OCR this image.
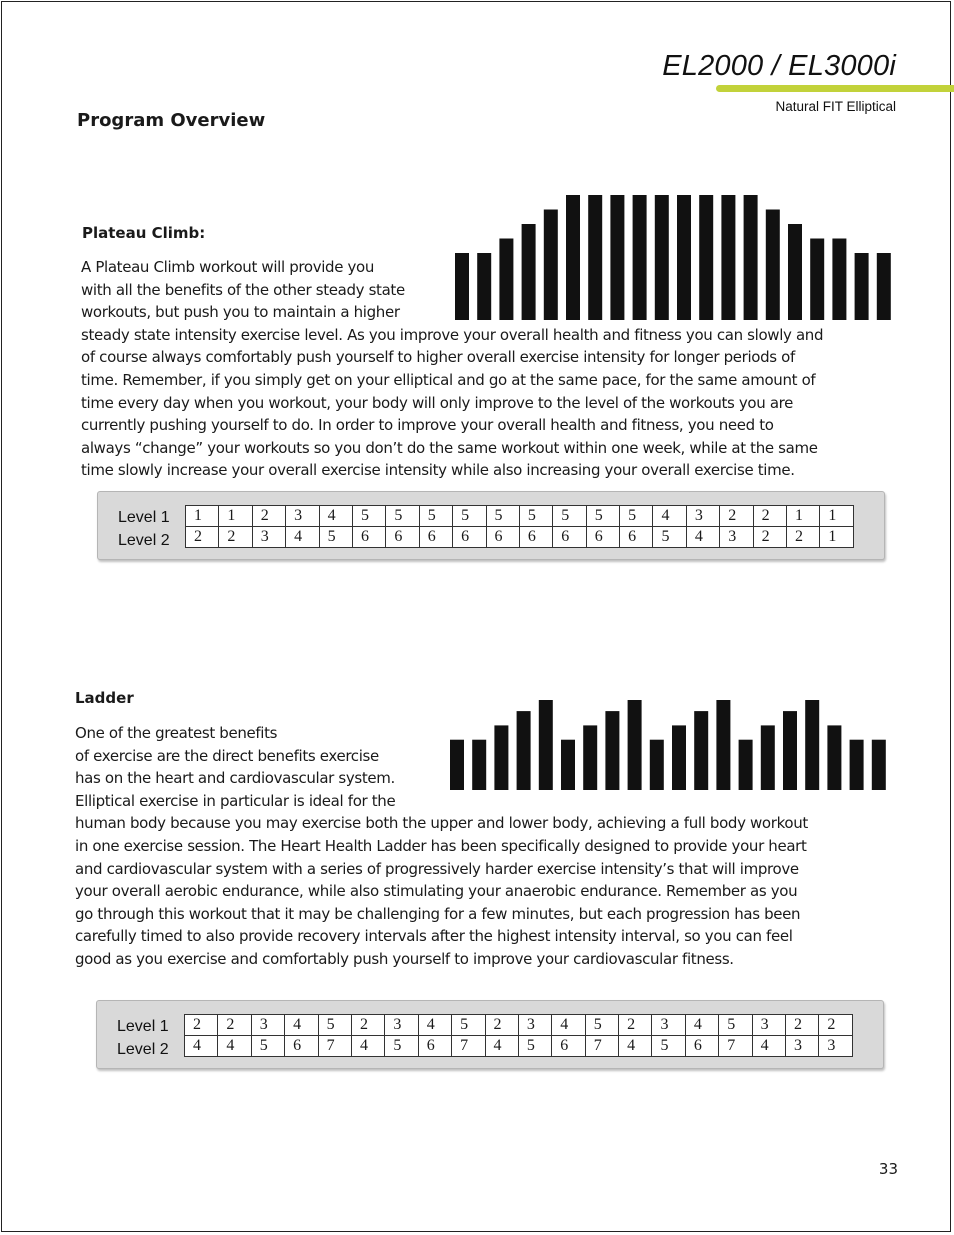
EL2000 / EL3000i
Natural FIT Elliptical
Program Overview
Plateau Climb:

A Plateau Climb workout will provide you

with all the benefits of the other steady state

workouts, but push you to maintain a higher

steady state intensity exercise level. As you improve your overall health and fitness you can slowly and

of course always comfortably push yourself to higher overall exercise intensity for longer periods of

time. Remember, if you simply get on your elliptical and go at the same pace, for the same amount of

time every day when you workout, your body will only improve to the level of the workouts you are

currently pushing yourself to do. In order to improve your overall health and fitness, you need to

always “change” your workouts so you don’t do the same workout within one week, while at the same

time slowly increase your overall exercise intensity while also increasing your overall exercise time.

Level 1
Level 2
1	1	2	3	4	5	5	5	5	5	5	5	5	5	4	3	2	2	1	1
2	2	3	4	5	6	6	6	6	6	6	6	6	6	5	4	3	2	2	1
Ladder

One of the greatest benefits

of exercise are the direct benefits exercise

has on the heart and cardiovascular system.

Elliptical exercise in particular is ideal for the

human body because you may exercise both the upper and lower body, achieving a full body workout

in one exercise session. The Heart Health Ladder has been specifically designed to provide your heart

and cardiovascular system with a series of progressively harder exercise intensity’s that will improve

your overall aerobic endurance, while also stimulating your anaerobic endurance. Remember as you

go through this workout that it may be challenging for a few minutes, but each progression has been

carefully timed to also provide recovery intervals after the highest intensity interval, so you can feel

good as you exercise and comfortably push yourself to improve your cardiovascular fitness.

Level 1
Level 2
2	2	3	4	5	2	3	4	5	2	3	4	5	2	3	4	5	3	2	2
4	4	5	6	7	4	5	6	7	4	5	6	7	4	5	6	7	4	3	3
33
